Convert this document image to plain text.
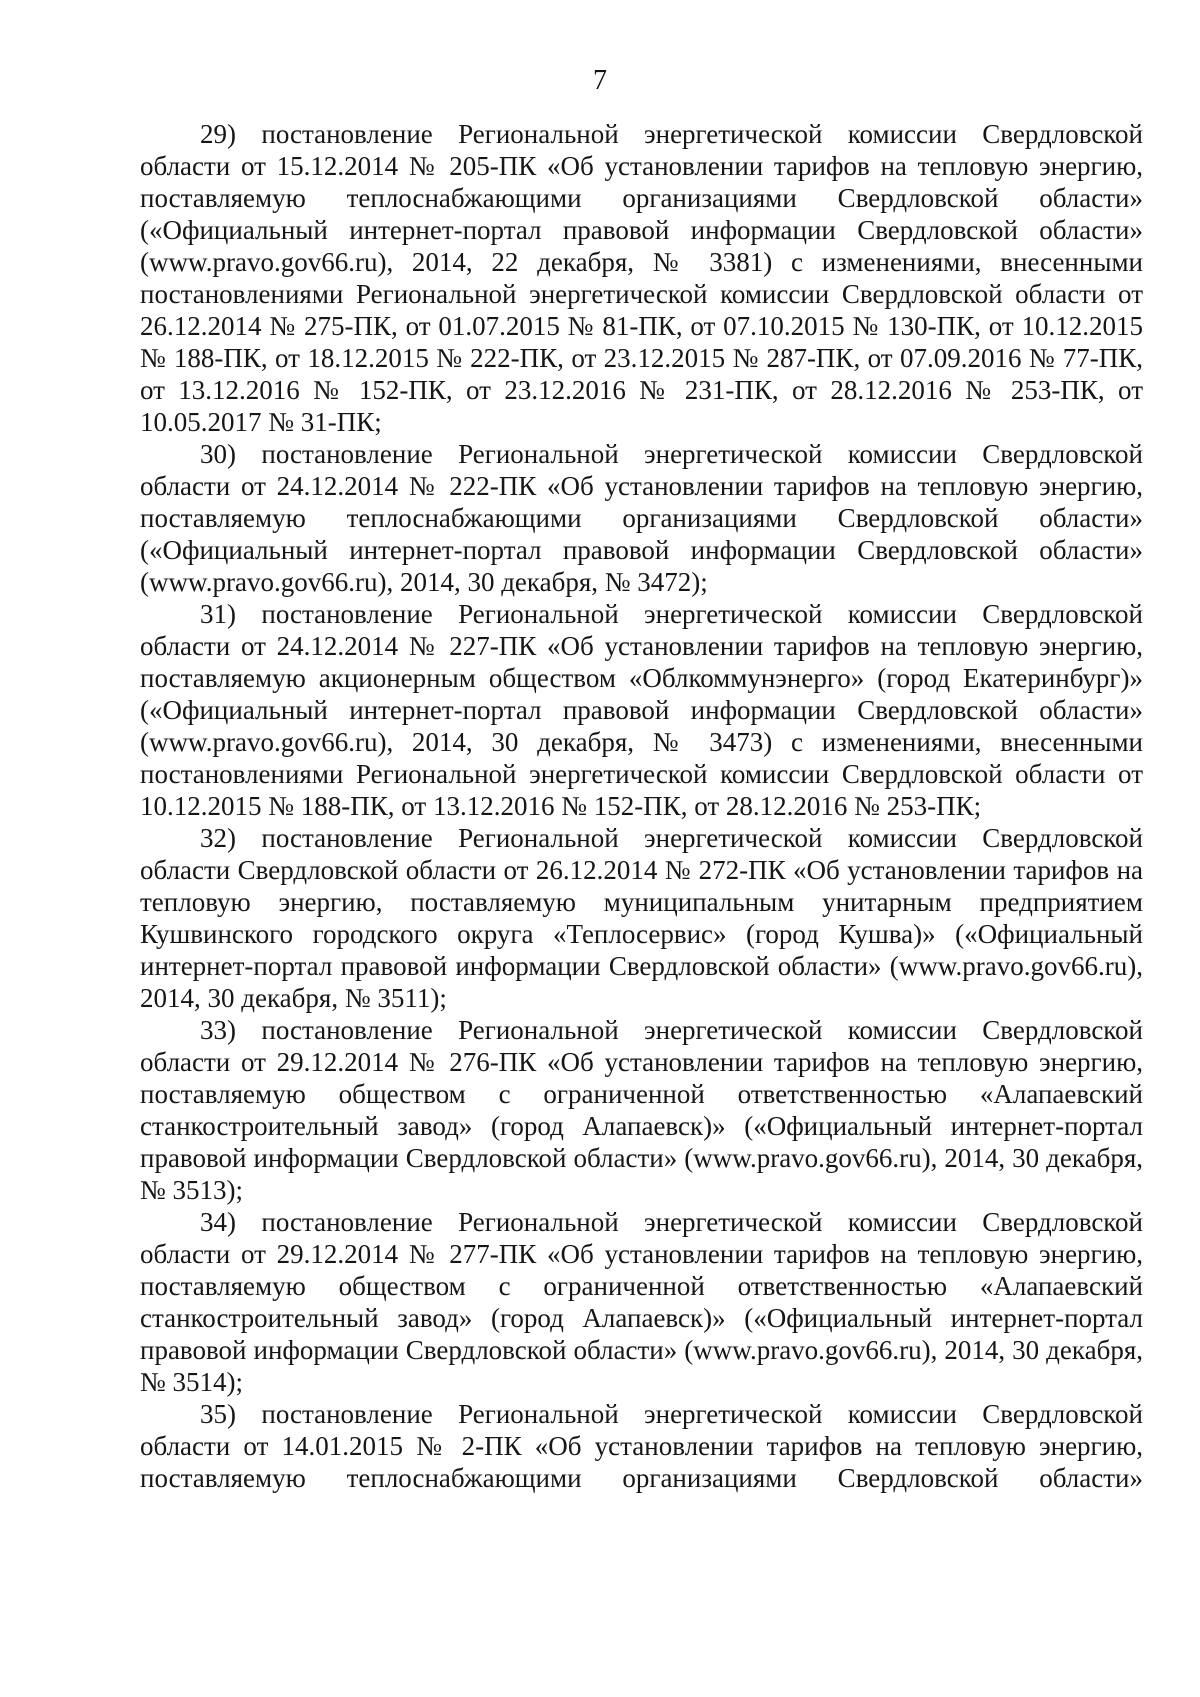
7

29) постановление Региональной энергетической комиссии Свердловской области от 15.12.2014 № 205-ПК «Об установлении тарифов на тепловую энергию, поставляемую теплоснабжающими организациями Свердловской области» («Официальный интернет-портал правовой информации Свердловской области» (www.pravo.gov66.ru), 2014, 22 декабря, № 3381) с изменениями, внесенными постановлениями Региональной энергетической комиссии Свердловской области от 26.12.2014 № 275-ПК, от 01.07.2015 № 81-ПК, от 07.10.2015 № 130-ПК, от 10.12.2015 № 188-ПК, от 18.12.2015 № 222-ПК, от 23.12.2015 № 287-ПК, от 07.09.2016 № 77-ПК, от 13.12.2016 № 152-ПК, от 23.12.2016 № 231-ПК, от 28.12.2016 № 253-ПК, от 10.05.2017 № 31-ПК;

30) постановление Региональной энергетической комиссии Свердловской области от 24.12.2014 № 222-ПК «Об установлении тарифов на тепловую энергию, поставляемую теплоснабжающими организациями Свердловской области» («Официальный интернет-портал правовой информации Свердловской области» (www.pravo.gov66.ru), 2014, 30 декабря, № 3472);

31) постановление Региональной энергетической комиссии Свердловской области от 24.12.2014 № 227-ПК «Об установлении тарифов на тепловую энергию, поставляемую акционерным обществом «Облкоммунэнерго» (город Екатеринбург)» («Официальный интернет-портал правовой информации Свердловской области» (www.pravo.gov66.ru), 2014, 30 декабря, № 3473) с изменениями, внесенными постановлениями Региональной энергетической комиссии Свердловской области от 10.12.2015 № 188-ПК, от 13.12.2016 № 152-ПК, от 28.12.2016 № 253-ПК;

32) постановление Региональной энергетической комиссии Свердловской области Свердловской области от 26.12.2014 № 272-ПК «Об установлении тарифов на тепловую энергию, поставляемую муниципальным унитарным предприятием Кушвинского городского округа «Теплосервис» (город Кушва)» («Официальный интернет-портал правовой информации Свердловской области» (www.pravo.gov66.ru), 2014, 30 декабря, № 3511);

33) постановление Региональной энергетической комиссии Свердловской области от 29.12.2014 № 276-ПК «Об установлении тарифов на тепловую энергию, поставляемую обществом с ограниченной ответственностью «Алапаевский станкостроительный завод» (город Алапаевск)» («Официальный интернет-портал правовой информации Свердловской области» (www.pravo.gov66.ru), 2014, 30 декабря, № 3513);

34) постановление Региональной энергетической комиссии Свердловской области от 29.12.2014 № 277-ПК «Об установлении тарифов на тепловую энергию, поставляемую обществом с ограниченной ответственностью «Алапаевский станкостроительный завод» (город Алапаевск)» («Официальный интернет-портал правовой информации Свердловской области» (www.pravo.gov66.ru), 2014, 30 декабря, № 3514);

35) постановление Региональной энергетической комиссии Свердловской области от 14.01.2015 № 2-ПК «Об установлении тарифов на тепловую энергию, поставляемую теплоснабжающими организациями Свердловской области»
